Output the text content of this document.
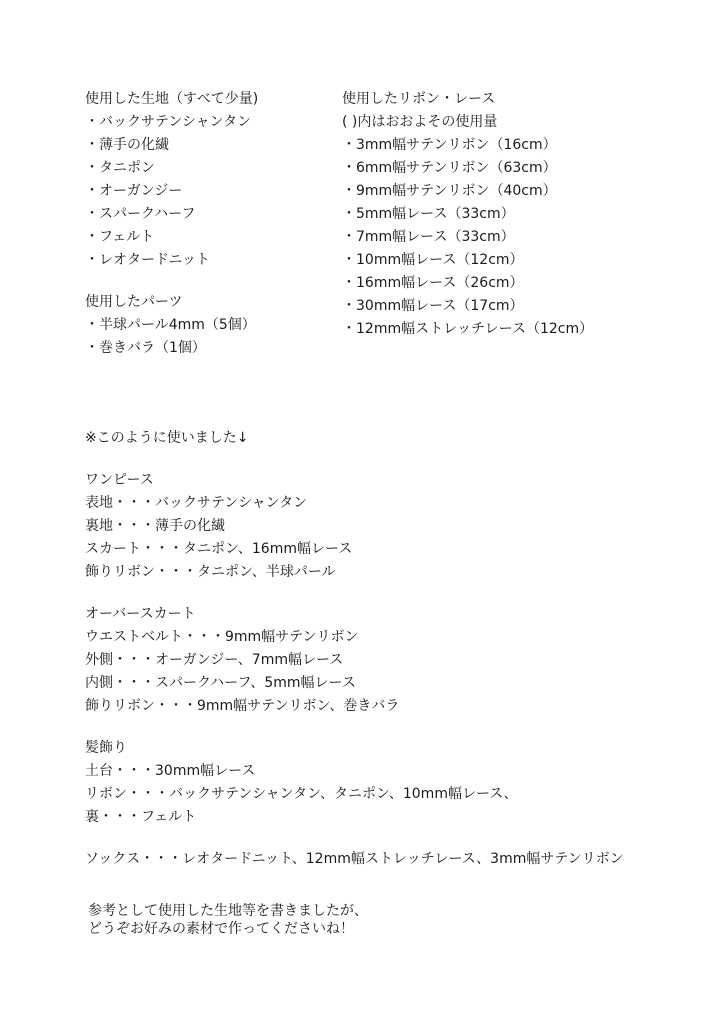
使用した生地（すべて少量)
・バックサテンシャンタン
・薄手の化繊
・タニポン
・オーガンジー
・スパークハーフ
・フェルト
・レオタードニット
使用したパーツ
・半球パール4mm（5個）
・巻きバラ（1個）
使用したリボン・レース
( )内はおおよその使用量
・3mm幅サテンリボン（16cm）
・6mm幅サテンリボン（63cm）
・9mm幅サテンリボン（40cm）
・5mm幅レース（33cm）
・7mm幅レース（33cm）
・10mm幅レース（12cm）
・16mm幅レース（26cm）
・30mm幅レース（17cm）
・12mm幅ストレッチレース（12cm）
※このように使いました↓
ワンピース
表地・・・バックサテンシャンタン
裏地・・・薄手の化繊
スカート・・・タニポン、16mm幅レース
飾りリボン・・・タニポン、半球パール
オーバースカート
ウエストベルト・・・9mm幅サテンリボン
外側・・・オーガンジー、7mm幅レース
内側・・・スパークハーフ、5mm幅レース
飾りリボン・・・9mm幅サテンリボン、巻きバラ
髪飾り
土台・・・30mm幅レース
リボン・・・バックサテンシャンタン、タニポン、10mm幅レース、
裏・・・フェルト
ソックス・・・レオタードニット、12mm幅ストレッチレース、3mm幅サテンリボン
参考として使用した生地等を書きましたが、
どうぞお好みの素材で作ってくださいね！
